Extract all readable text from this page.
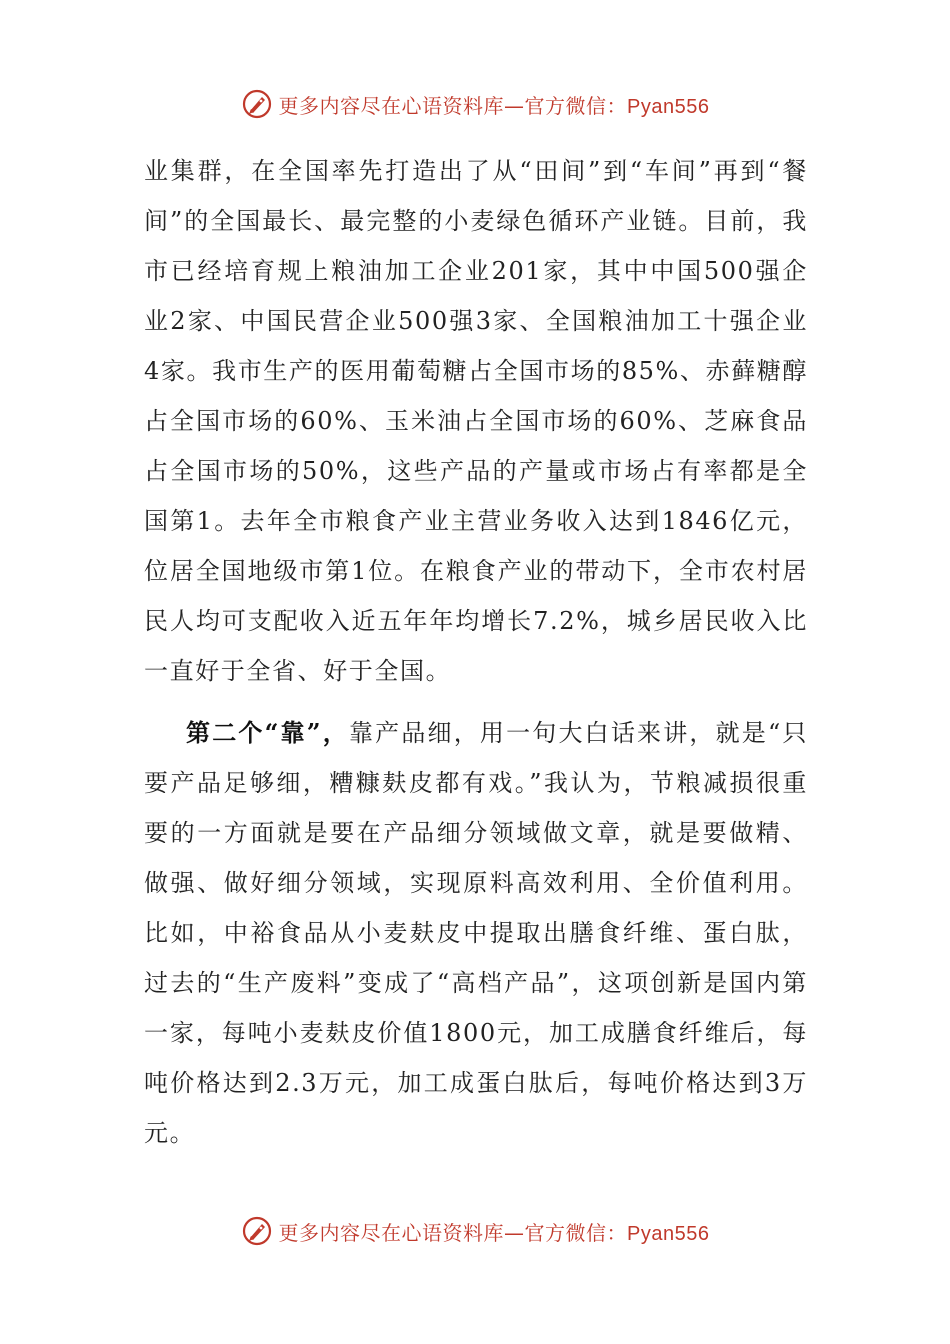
更多内容尽在心语资料库—官方微信：Pyan556

业集群，在全国率先打造出了从“田间”到“车间”再到“餐间”的全国最长、最完整的小麦绿色循环产业链。目前，我市已经培育规上粮油加工企业201家，其中中国500强企业2家、中国民营企业500强3家、全国粮油加工十强企业4家。我市生产的医用葡萄糖占全国市场的85%、赤藓糖醇占全国市场的60%、玉米油占全国市场的60%、芝麻食品占全国市场的50%，这些产品的产量或市场占有率都是全国第1。去年全市粮食产业主营业务收入达到1846亿元，位居全国地级市第1位。在粮食产业的带动下，全市农村居民人均可支配收入近五年年均增长7.2%，城乡居民收入比一直好于全省、好于全国。

第二个“靠”，靠产品细，用一句大白话来讲，就是“只要产品足够细，糟糠麸皮都有戏。”我认为，节粮减损很重要的一方面就是要在产品细分领域做文章，就是要做精、做强、做好细分领域，实现原料高效利用、全价值利用。比如，中裕食品从小麦麸皮中提取出膳食纤维、蛋白肽，过去的“生产废料”变成了“高档产品”，这项创新是国内第一家，每吨小麦麸皮价值1800元，加工成膳食纤维后，每吨价格达到2.3万元，加工成蛋白肽后，每吨价格达到3万元。

更多内容尽在心语资料库—官方微信：Pyan556
